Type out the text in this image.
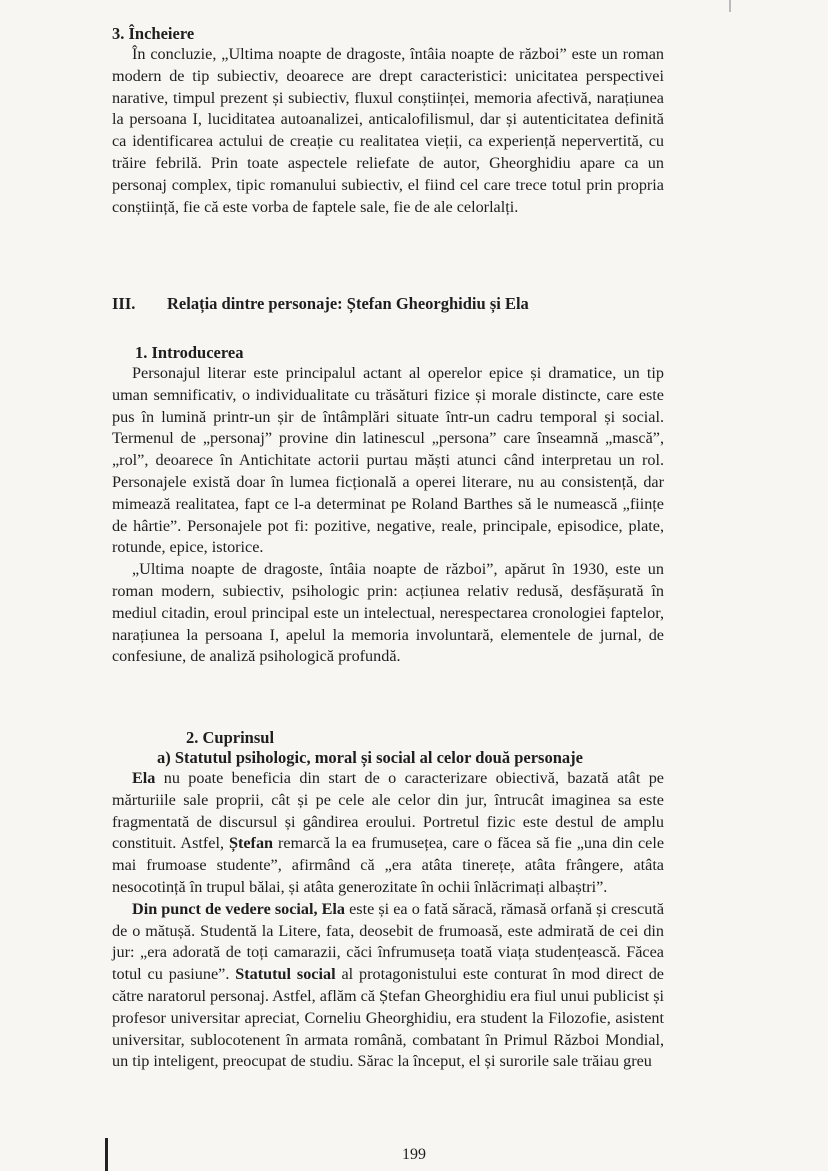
3. Încheiere

În concluzie, „Ultima noapte de dragoste, întâia noapte de război” este un roman modern de tip subiectiv, deoarece are drept caracteristici: unicitatea perspectivei narative, timpul prezent și subiectiv, fluxul conștiinței, memoria afectivă, narațiunea la persoana I, luciditatea autoanalizei, anticalofilismul, dar și autenticitatea definită ca identificarea actului de creație cu realitatea vieții, ca experiență nepervertită, cu trăire febrilă. Prin toate aspectele reliefate de autor, Gheorghidiu apare ca un personaj complex, tipic romanului subiectiv, el fiind cel care trece totul prin propria conștiință, fie că este vorba de faptele sale, fie de ale celorlalți.

III.	Relația dintre personaje: Ștefan Gheorghidiu și Ela

1. Introducerea

Personajul literar este principalul actant al operelor epice și dramatice, un tip uman semnificativ, o individualitate cu trăsături fizice și morale distincte, care este pus în lumină printr-un șir de întâmplări situate într-un cadru temporal și social. Termenul de „personaj” provine din latinescul „persona” care înseamnă „mască”, „rol”, deoarece în Antichitate actorii purtau măști atunci când interpretau un rol. Personajele există doar în lumea ficțională a operei literare, nu au consistență, dar mimează realitatea, fapt ce l-a determinat pe Roland Barthes să le numească „ființe de hârtie”. Personajele pot fi: pozitive, negative, reale, principale, episodice, plate, rotunde, epice, istorice.

„Ultima noapte de dragoste, întâia noapte de război”, apărut în 1930, este un roman modern, subiectiv, psihologic prin: acțiunea relativ redusă, desfășurată în mediul citadin, eroul principal este un intelectual, nerespectarea cronologiei faptelor, narațiunea la persoana I, apelul la memoria involuntară, elementele de jurnal, de confesiune, de analiză psihologică profundă.

2. Cuprinsul

a) Statutul psihologic, moral și social al celor două personaje

Ela nu poate beneficia din start de o caracterizare obiectivă, bazată atât pe mărturiile sale proprii, cât și pe cele ale celor din jur, întrucât imaginea sa este fragmentată de discursul și gândirea eroului. Portretul fizic este destul de amplu constituit. Astfel, Ștefan remarcă la ea frumusețea, care o făcea să fie „una din cele mai frumoase studente”, afirmând că „era atâta tinerețe, atâta frângere, atâta nesocotință în trupul bălai, și atâta generozitate în ochii înlăcrimați albaștri”.

Din punct de vedere social, Ela este și ea o fată săracă, rămasă orfană și crescută de o mătușă. Studentă la Litere, fata, deosebit de frumoasă, este admirată de cei din jur: „era adorată de toți camarazii, căci înfrumuseța toată viața studențească. Făcea totul cu pasiune”. Statutul social al protagonistului este conturat în mod direct de către naratorul personaj. Astfel, aflăm că Ștefan Gheorghidiu era fiul unui publicist și profesor universitar apreciat, Corneliu Gheorghidiu, era student la Filozofie, asistent universitar, sublocotenent în armata română, combatant în Primul Război Mondial, un tip inteligent, preocupat de studiu. Sărac la început, el și surorile sale trăiau greu

199
